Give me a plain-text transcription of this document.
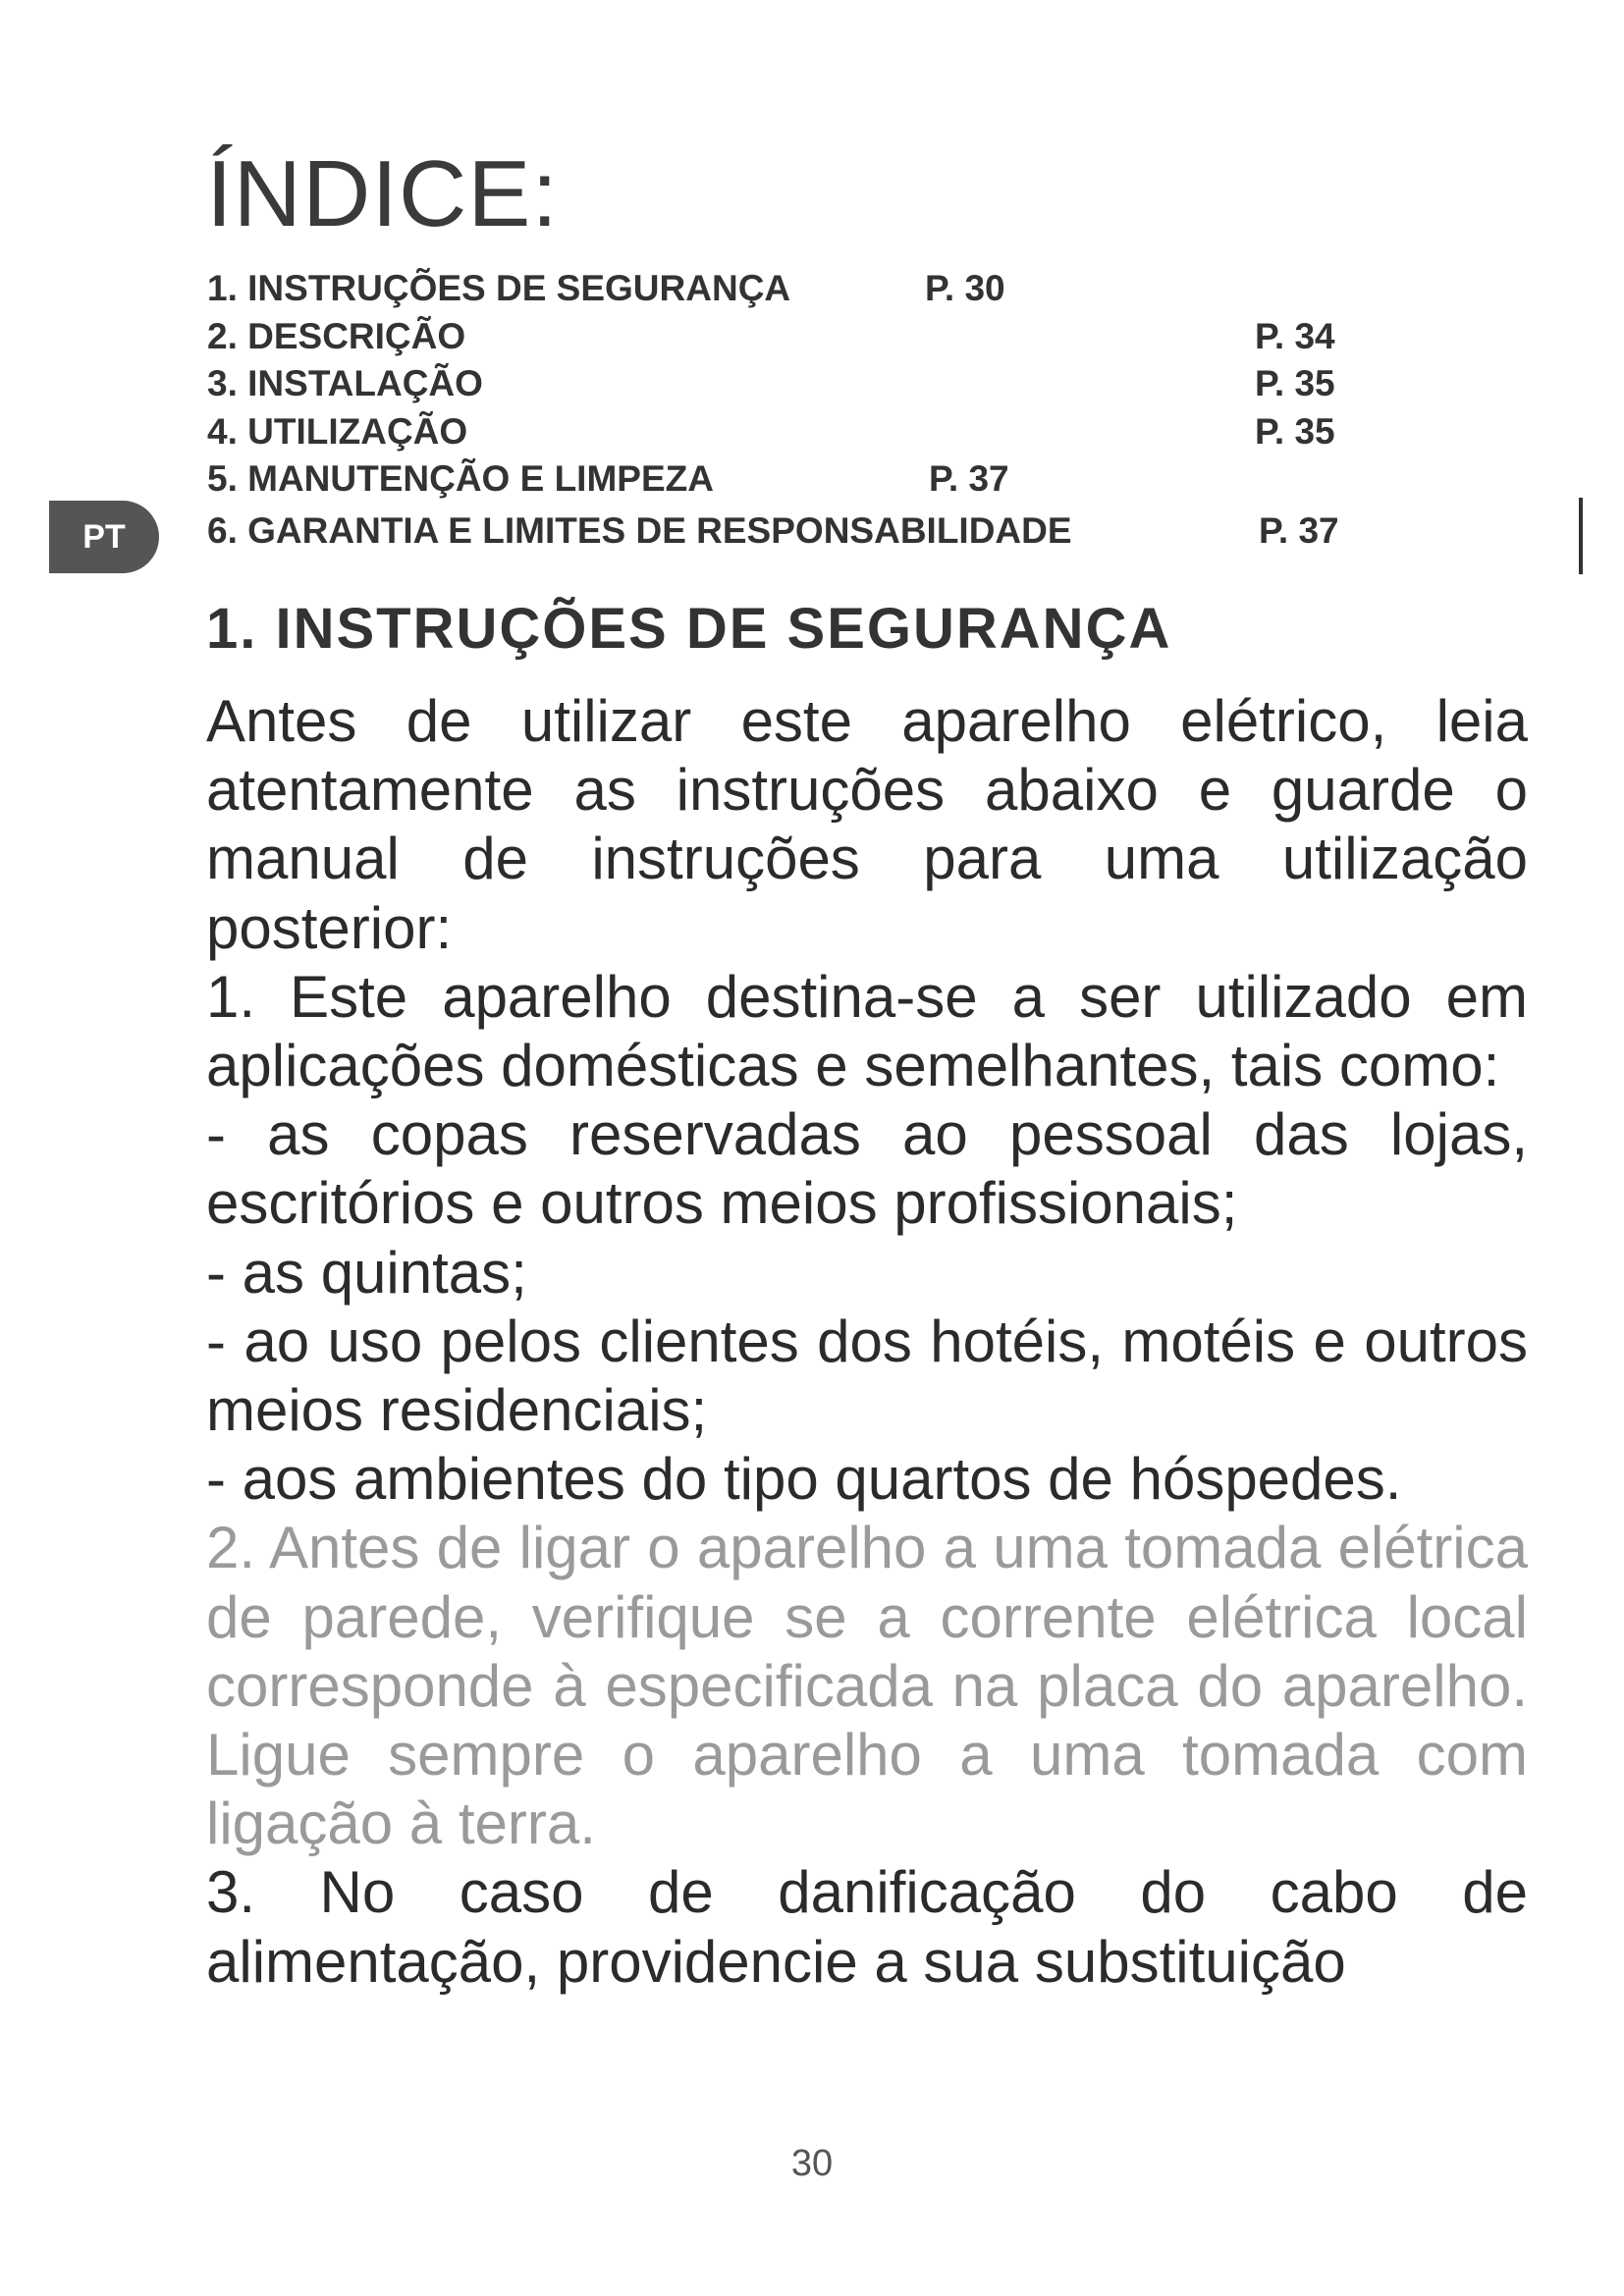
ÍNDICE:
1. INSTRUÇÕES DE SEGURANÇA	P. 30
2. DESCRIÇÃO	P. 34
3. INSTALAÇÃO	P. 35
4. UTILIZAÇÃO	P. 35
5. MANUTENÇÃO E LIMPEZA	P. 37
6. GARANTIA E LIMITES DE RESPONSABILIDADE	P. 37
PT
1. INSTRUÇÕES DE SEGURANÇA

Antes de utilizar este aparelho elétrico, leia atentamente as instruções abaixo e guarde o manual de instruções para uma utilização posterior:

1. Este aparelho destina-se a ser utilizado em aplicações domésticas e semelhantes, tais como:

- as copas reservadas ao pessoal das lojas, escritórios e outros meios profissionais;

- as quintas;

- ao uso pelos clientes dos hotéis, motéis e outros meios residenciais;

- aos ambientes do tipo quartos de hóspedes.

2. Antes de ligar o aparelho a uma tomada elétrica de parede, verifique se a corrente elétrica local corresponde à especificada na placa do aparelho. Ligue sempre o aparelho a uma tomada com ligação à terra.

3. No caso de danificação do cabo de alimentação, providencie a sua substituição

30
